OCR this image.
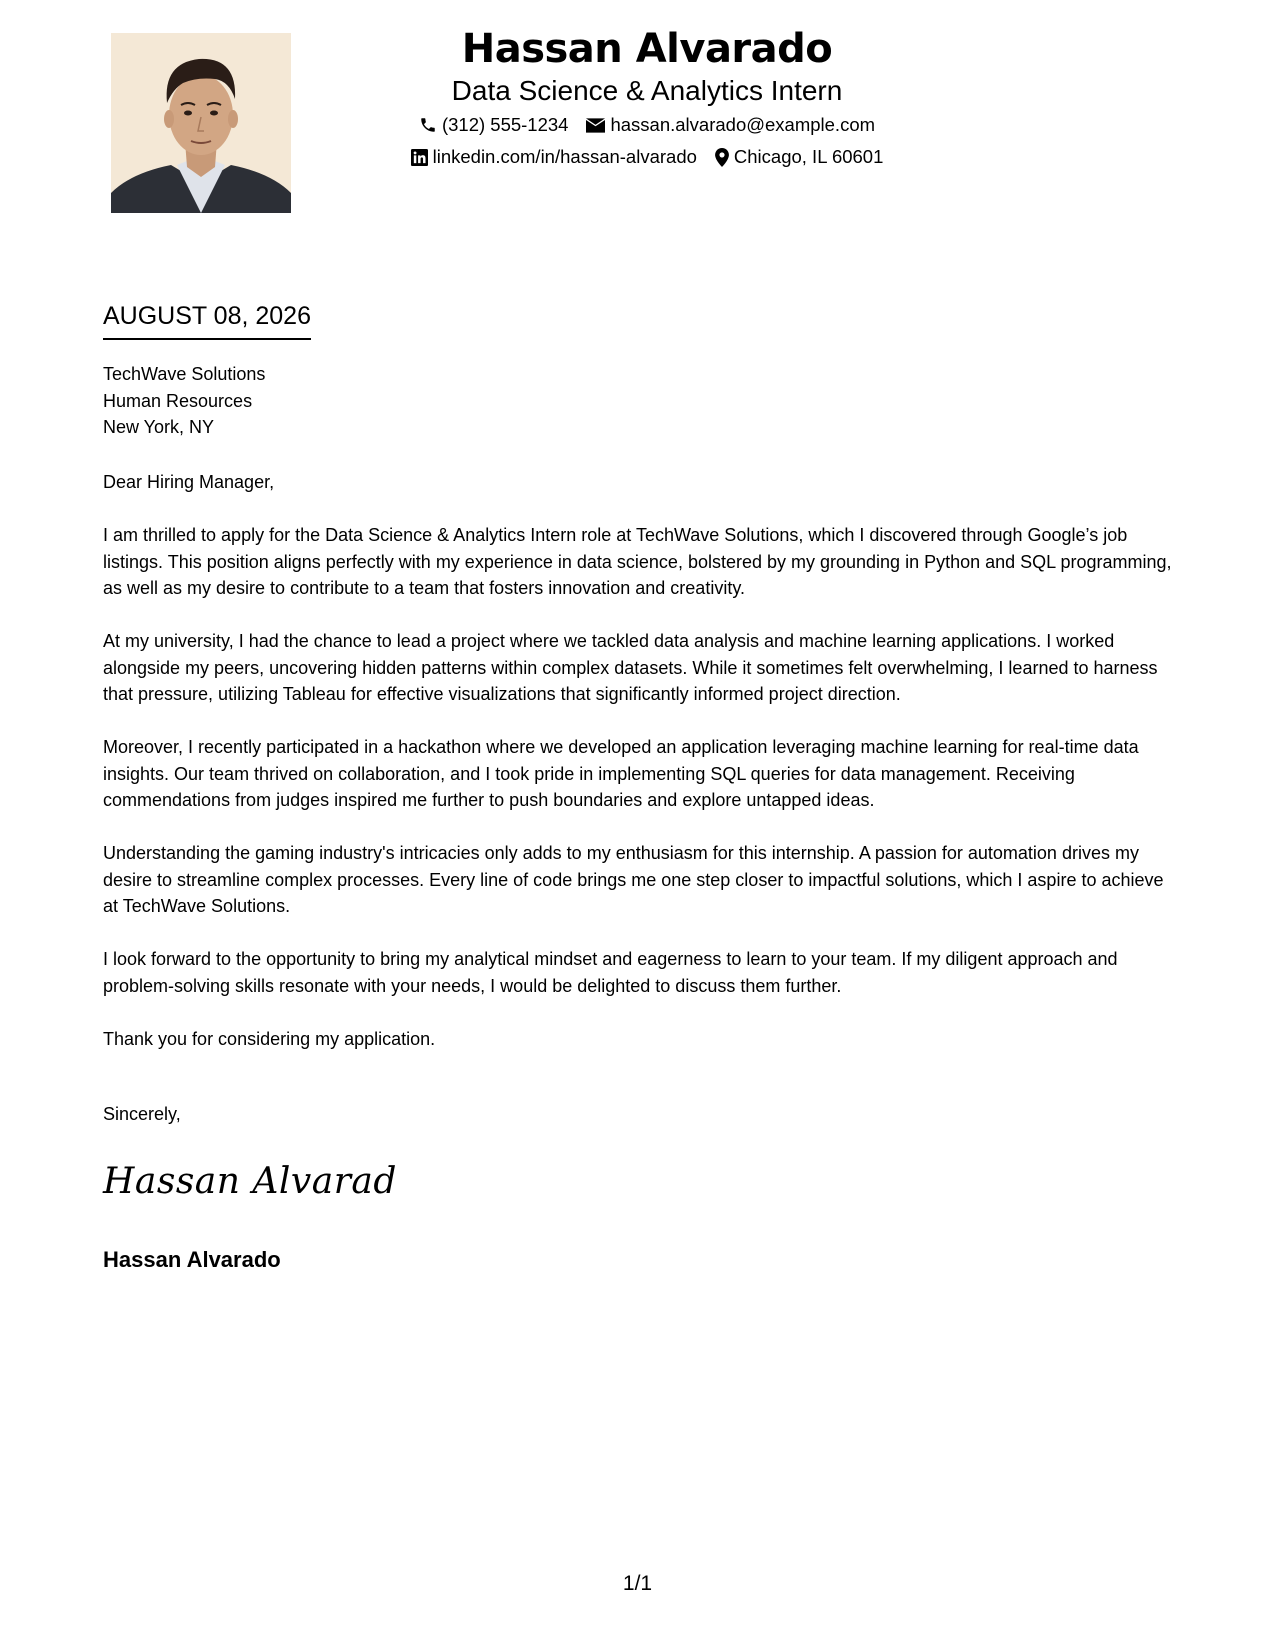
Hassan Alvarado
Data Science & Analytics Intern
(312) 555-1234 hassan.alvarado@example.com
linkedin.com/in/hassan-alvarado Chicago, IL 60601
AUGUST 08, 2026
TechWave Solutions
Human Resources
New York, NY

Dear Hiring Manager,

I am thrilled to apply for the Data Science & Analytics Intern role at TechWave Solutions, which I discovered through Google’s job listings. This position aligns perfectly with my experience in data science, bolstered by my grounding in Python and SQL programming, as well as my desire to contribute to a team that fosters innovation and creativity.

At my university, I had the chance to lead a project where we tackled data analysis and machine learning applications. I worked alongside my peers, uncovering hidden patterns within complex datasets. While it sometimes felt overwhelming, I learned to harness that pressure, utilizing Tableau for effective visualizations that significantly informed project direction.

Moreover, I recently participated in a hackathon where we developed an application leveraging machine learning for real-time data insights. Our team thrived on collaboration, and I took pride in implementing SQL queries for data management. Receiving commendations from judges inspired me further to push boundaries and explore untapped ideas.

Understanding the gaming industry's intricacies only adds to my enthusiasm for this internship. A passion for automation drives my desire to streamline complex processes. Every line of code brings me one step closer to impactful solutions, which I aspire to achieve at TechWave Solutions.

I look forward to the opportunity to bring my analytical mindset and eagerness to learn to your team. If my diligent approach and problem-solving skills resonate with your needs, I would be delighted to discuss them further.

Thank you for considering my application.

Sincerely,
Hassan Alvarad
Hassan Alvarado
1/1
